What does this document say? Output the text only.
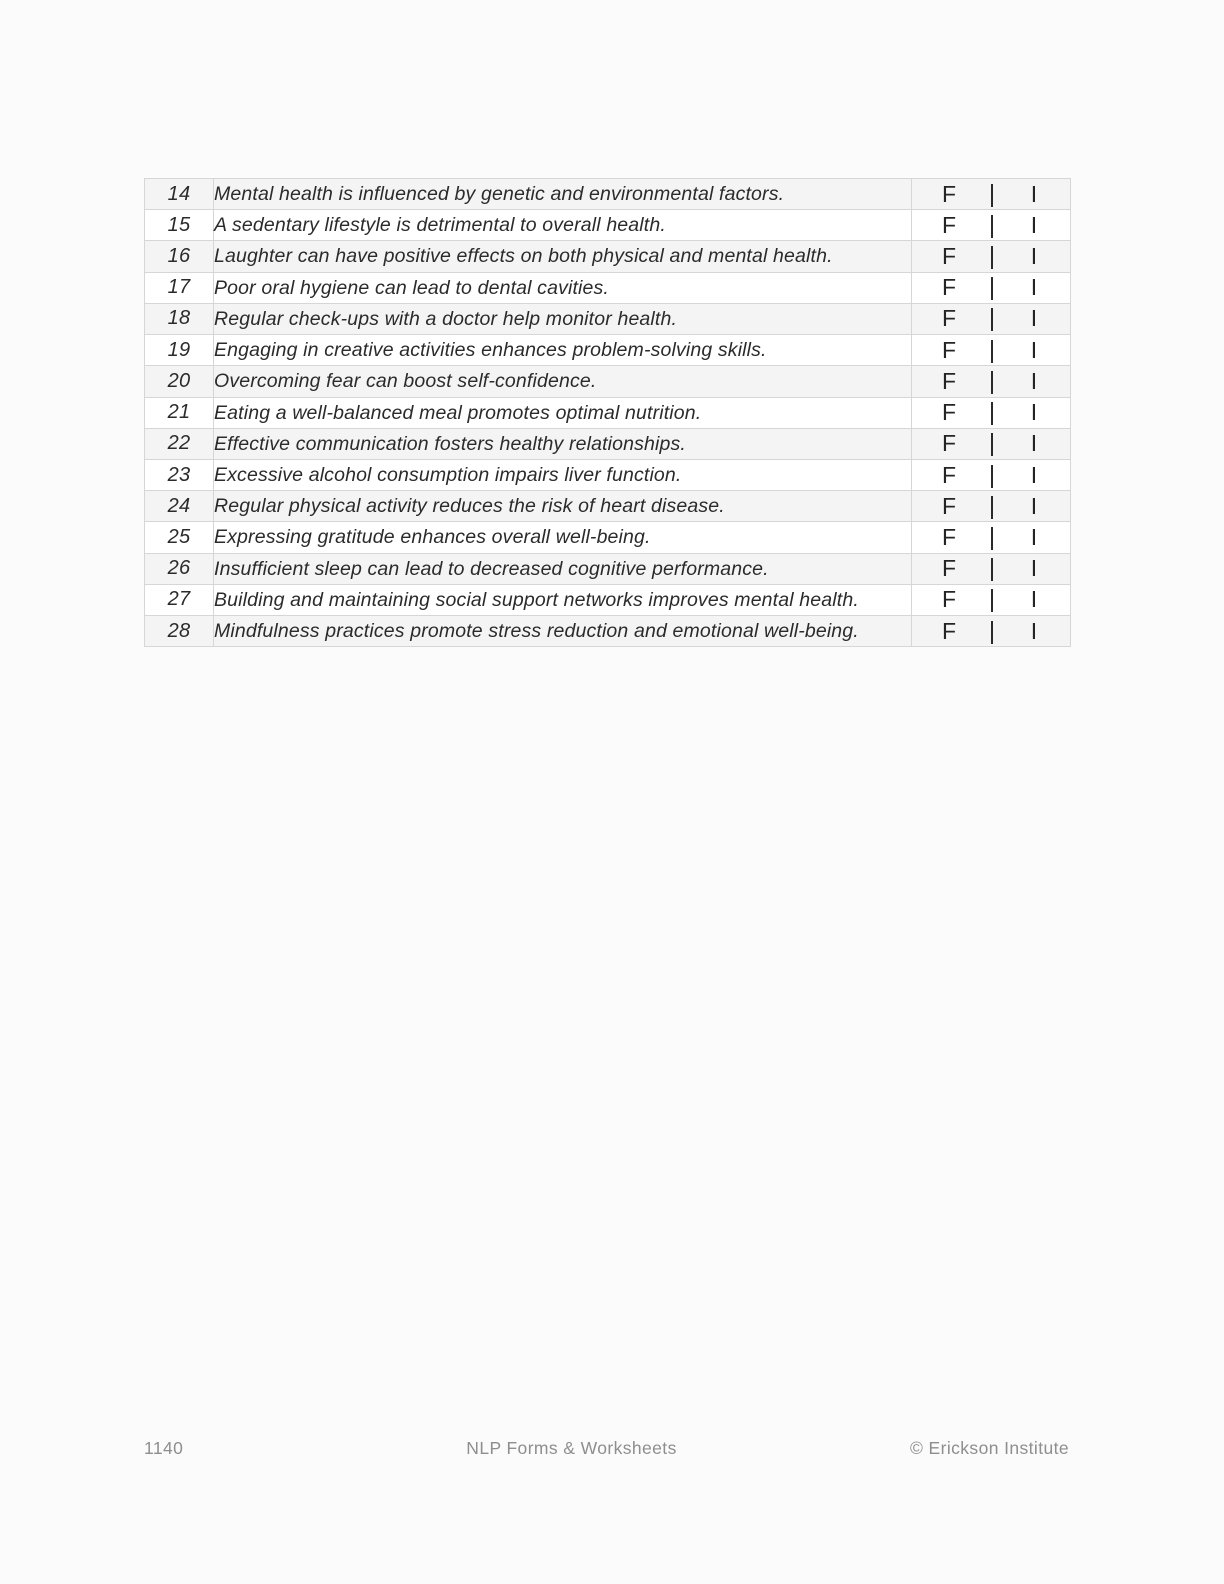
14	Mental health is influenced by genetic and environmental factors.	F | I

15	A sedentary lifestyle is detrimental to overall health.	F | I

16	Laughter can have positive effects on both physical and mental health.	F | I

17	Poor oral hygiene can lead to dental cavities.	F | I

18	Regular check-ups with a doctor help monitor health.	F | I

19	Engaging in creative activities enhances problem-solving skills.	F | I

20	Overcoming fear can boost self-confidence.	F | I

21	Eating a well-balanced meal promotes optimal nutrition.	F | I

22	Effective communication fosters healthy relationships.	F | I

23	Excessive alcohol consumption impairs liver function.	F | I

24	Regular physical activity reduces the risk of heart disease.	F | I

25	Expressing gratitude enhances overall well-being.	F | I

26	Insufficient sleep can lead to decreased cognitive performance.	F | I

27	Building and maintaining social support networks improves mental health.	F | I

28	Mindfulness practices promote stress reduction and emotional well-being.	F | I
1140	NLP Forms & Worksheets	© Erickson Institute
